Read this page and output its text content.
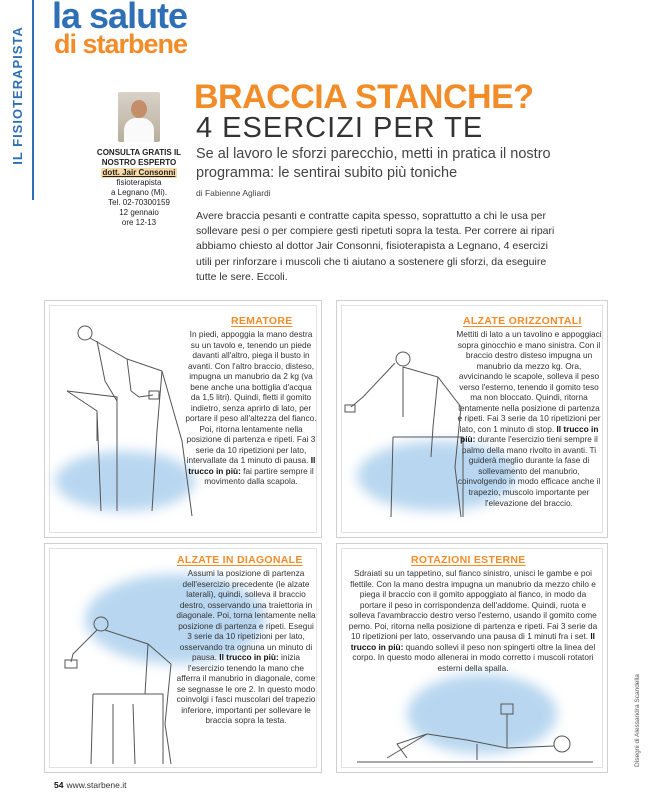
IL FISIOTERAPISTA
la salute
di starbene
CONSULTA GRATIS IL NOSTRO ESPERTO
dott. Jair Consonni
fisioterapista
a Legnano (Mi).
Tel. 02-70300159
12 gennaio
ore 12-13
BRACCIA STANCHE?
4 ESERCIZI PER TE
Se al lavoro le sforzi parecchio, metti in pratica il nostro programma: le sentirai subito più toniche
di Fabienne Agliardi
Avere braccia pesanti e contratte capita spesso, soprattutto a chi le usa per sollevare pesi o per compiere gesti ripetuti sopra la testa. Per correre ai ripari abbiamo chiesto al dottor Jair Consonni, fisioterapista a Legnano, 4 esercizi utili per rinforzare i muscoli che ti aiutano a sostenere gli sforzi, da eseguire tutte le sere. Eccoli.
REMATORE

In piedi, appoggia la mano destra su un tavolo e, tenendo un piede davanti all'altro, piega il busto in avanti. Con l'altro braccio, disteso, impugna un manubrio da 2 kg (va bene anche una bottiglia d'acqua da 1,5 litri). Quindi, fletti il gomito indietro, senza aprirlo di lato, per portare il peso all'altezza del fianco. Poi, ritorna lentamente nella posizione di partenza e ripeti. Fai 3 serie da 10 ripetizioni per lato, intervallate da 1 minuto di pausa. Il trucco in più: fai partire sempre il movimento dalla scapola.

ALZATE ORIZZONTALI

Mettiti di lato a un tavolino e appoggiaci sopra ginocchio e mano sinistra. Con il braccio destro disteso impugna un manubrio da mezzo kg. Ora, avvicinando le scapole, solleva il peso verso l'esterno, tenendo il gomito teso ma non bloccato. Quindi, ritorna lentamente nella posizione di partenza e ripeti. Fai 3 serie da 10 ripetizioni per lato, con 1 minuto di stop. Il trucco in più: durante l'esercizio tieni sempre il palmo della mano rivolto in avanti. Ti guiderà meglio durante la fase di sollevamento del manubrio, coinvolgendo in modo efficace anche il trapezio, muscolo importante per l'elevazione del braccio.

ALZATE IN DIAGONALE

Assumi la posizione di partenza dell'esercizio precedente (le alzate laterali), quindi, solleva il braccio destro, osservando una traiettoria in diagonale. Poi, torna lentamente nella posizione di partenza e ripeti. Esegui 3 serie da 10 ripetizioni per lato, osservando tra ognuna un minuto di pausa. Il trucco in più: inizia l'esercizio tenendo la mano che afferra il manubrio in diagonale, come se segnasse le ore 2. In questo modo coinvolgi i fasci muscolari del trapezio inferiore, importanti per sollevare le braccia sopra la testa.

ROTAZIONI ESTERNE

Sdraiati su un tappetino, sul fianco sinistro, unisci le gambe e poi flettile. Con la mano destra impugna un manubrio da mezzo chilo e piega il braccio con il gomito appoggiato al fianco, in modo da portare il peso in corrispondenza dell'addome. Quindi, ruota e solleva l'avambraccio destro verso l'esterno, usando il gomito come perno. Poi, ritorna nella posizione di partenza e ripeti. Fai 3 serie da 10 ripetizioni per lato, osservando una pausa di 1 minuti fra i set. Il trucco in più: quando sollevi il peso non spingerti oltre la linea del corpo. In questo modo allenerai in modo corretto i muscoli rotatori esterni della spalla.

Disegni di Alessandra Scandella
54 www.starbene.it
